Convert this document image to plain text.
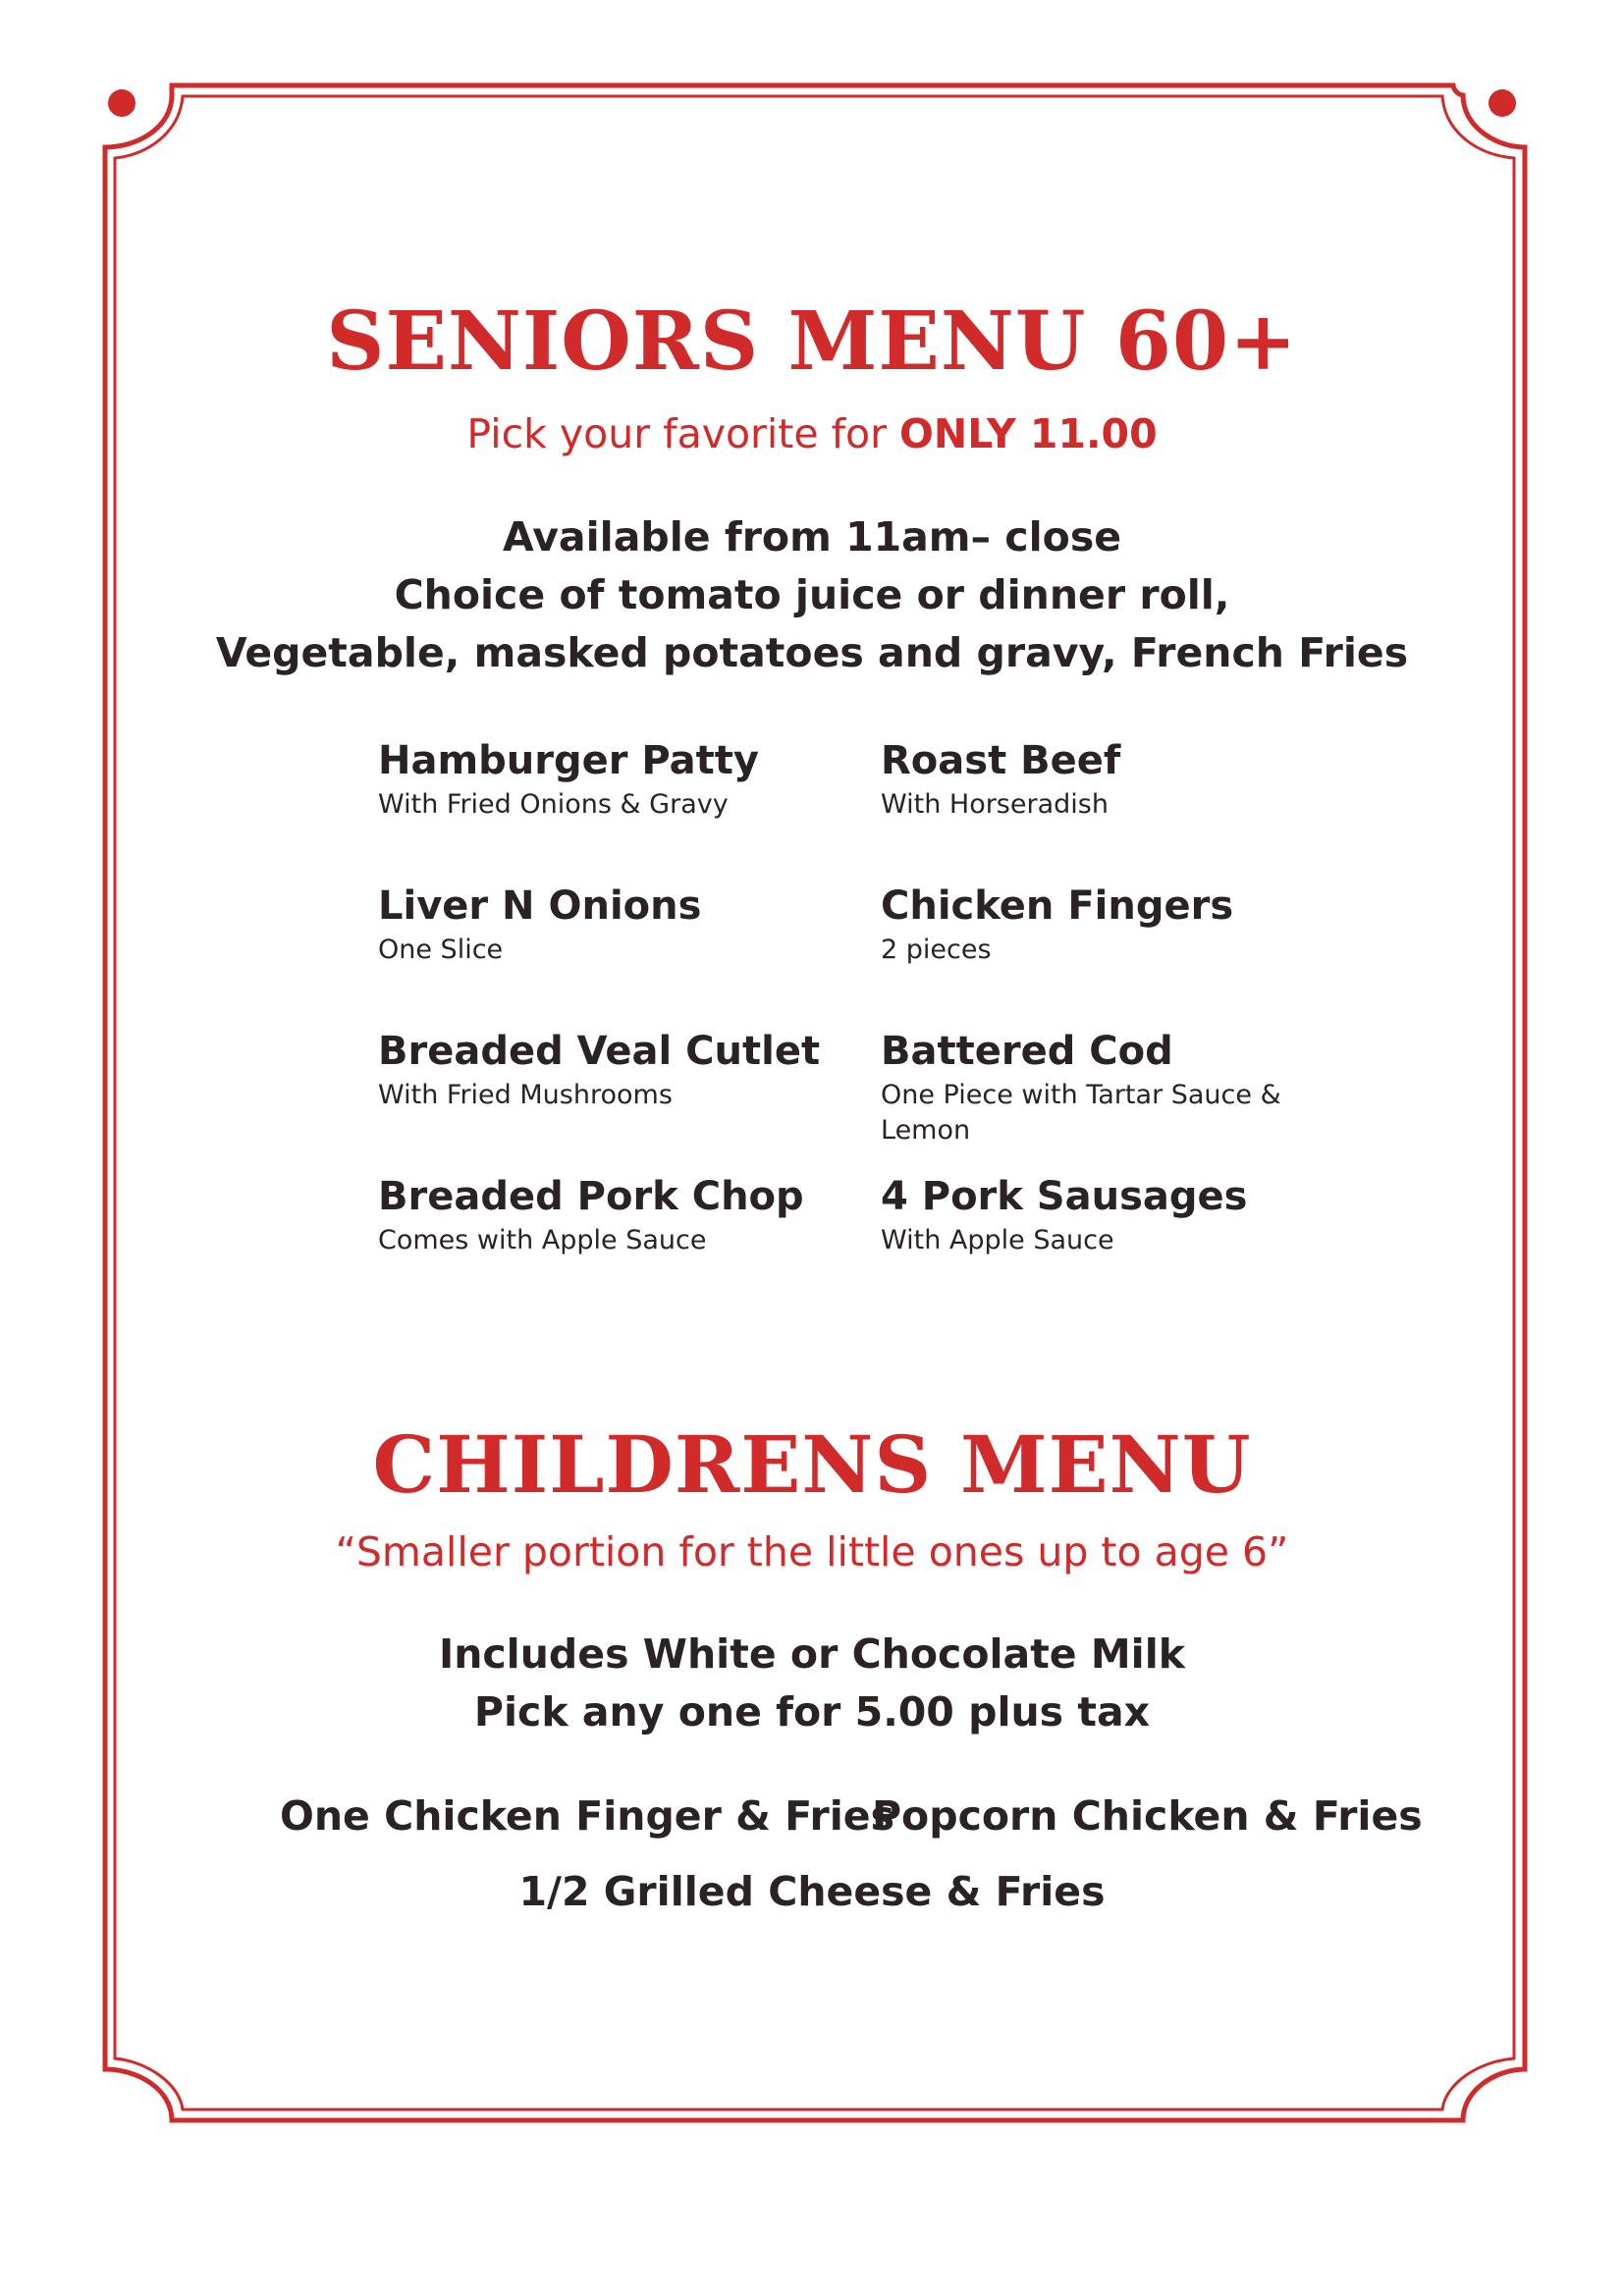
SENIORS MENU 60+
Pick your favorite for ONLY 11.00
Available from 11am– close
Choice of tomato juice or dinner roll,
Vegetable, masked potatoes and gravy, French Fries
Hamburger Patty
With Fried Onions & Gravy
Roast Beef
With Horseradish
Liver N Onions
One Slice
Chicken Fingers
2 pieces
Breaded Veal Cutlet
With Fried Mushrooms
Battered Cod
One Piece with Tartar Sauce & Lemon
Breaded Pork Chop
Comes with Apple Sauce
4 Pork Sausages
With Apple Sauce
CHILDRENS MENU
“Smaller portion for the little ones up to age 6”
Includes White or Chocolate Milk
Pick any one for 5.00 plus tax
One Chicken Finger & Fries
Popcorn Chicken & Fries
1/2 Grilled Cheese & Fries
